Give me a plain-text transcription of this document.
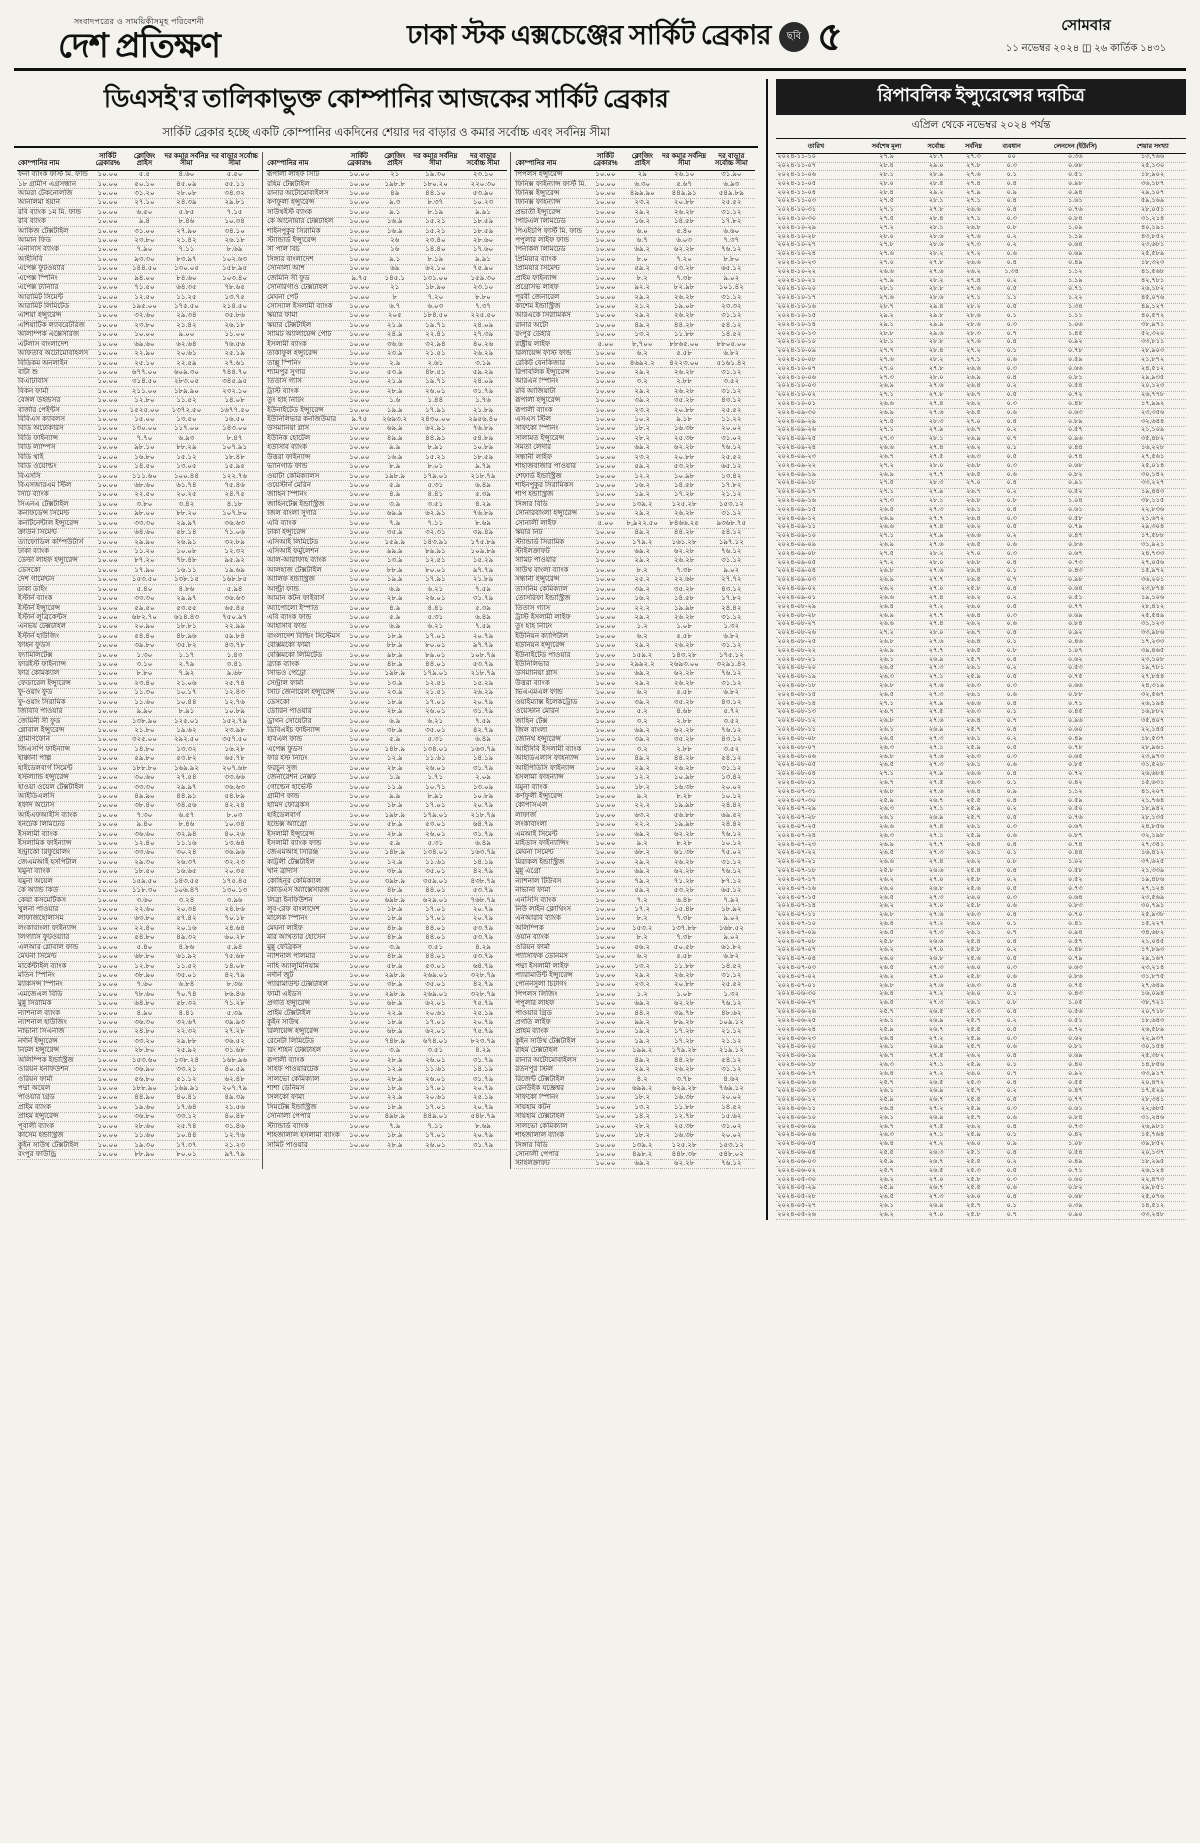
সংবাদপত্রের ও সাময়িকীসমূহ পরিবেশনী
দেশ প্রতিক্ষণ	ঢাকা স্টক এক্সচেঞ্জের সার্কিট ব্রেকার	ছবি ৫	সোমবার
১১ নভেম্বর ২০২৪ ◫ ২৬ কার্তিক ১৪৩১
ডিএসই'র তালিকাভুক্ত কোম্পানির আজকের সার্কিট ব্রেকার
সার্কিট ব্রেকার হচ্ছে একটি কোম্পানির একদিনের শেয়ার দর বাড়ার ও কমার সর্বোচ্চ এবং সর্বনিম্ন সীমা
কোম্পানির নাম	সার্কিট ব্রেকার%	ক্লোজিং প্রাইস	দর কমার সর্বনিম্ন সীমা	দর বাড়ার সর্বোচ্চ সীমা
ফনা ব্যাংক ফার্স্ট মি. ফান্ড	১০.০০	৫.৫	৪.৬০	৫.৫০
১৮ গ্রামীণ এগ্রসন্ধান	১০.০০	৫০.১০	৪৫.০৯	৫৫.১১
আমরা টেকনোলজি	১০.০০	৩১.২০	২৮.০৮	৩৪.৩২
আনলিমা ইয়ার্ন	১০.০০	২৭.১০	২৪.৩৯	২৯.৮১
রবি ব্যাংক ১ম মি. ফান্ড	১০.০০	৬.৫০	৫.৮৫	৭.১৫
রবি ব্যাংক	১০.০০	৯.৪	৮.৪৬	১০.৩৪
আকিজ টেক্সটাইল	১০.০০	৩১.০০	২৭.৯০	৩৪.১০
আমান ফিড	১০.০০	২৩.৮০	২১.৪২	২৬.১৮
এনসিসি ব্যাংক	১০.০০	৭.৯০	৭.১১	৮.৬৯
আইসিবি	১০.০০	৯৩.৩০	৮৩.৯৭	১০২.৬৩
এপেক্স ফুটওয়্যার	১০.০০	১৪৪.৫০	১৩০.০৫	১৫৮.৯৫
এপেক্স স্পিনিং	১০.০০	৯৪.০০	৮৪.৬০	১০৩.৪০
এপেক্স ট্যানারি	১০.০০	৭১.৫০	৬৪.৩৫	৭৮.৬৫
আরামিট সিমেন্ট	১০.০০	১২.৫০	১১.২৫	১৩.৭৫
আরামিট লিমিটেড	১০.০০	১৯৫.০০	১৭৫.৫০	২১৪.৫০
এশিয়া ইন্স্যুরেন্স	১০.০০	৩২.৬০	২৯.৩৪	৩৫.৮৬
এশিয়াটিক ল্যাবরেটরিজ	১০.০০	২৩.৮০	২১.৪২	২৬.১৮
অলিম্পিক এক্সেসরিজ	১০.০০	১০.০০	৯.০০	১১.০০
এটলাস বাংলাদেশ	১০.০০	৬৯.৬০	৬২.৬৪	৭৬.৫৬
আফতাব অটোমোবাইলস	১০.০০	২২.৯০	২০.৬১	২৫.১৯
বিডিকম অনলাইন	১০.০০	২৫.১০	২২.৫৯	২৭.৬১
বাটা শু	১০.০০	৬৭৭.০০	৬০৯.৩০	৭৪৪.৭০
বিএটিবিসি	১০.০০	৩১৪.৫০	২৮৩.০৫	৩৪৫.৯৫
বিকন ফার্মা	১০.০০	২১১.০০	১৮৯.৯০	২৩২.১০
বেঙ্গল উইন্ডসর	১০.০০	১২.৮০	১১.৫২	১৪.০৮
বার্জার পেইন্টস	১০.০০	১৫২৫.০০	১৩৭২.৫০	১৬৭৭.৫০
বিবিএস ক্যাবলস	১০.০০	১৫.০০	১৩.৫০	১৬.৫০
বিডি অটোকারস	১০.০০	১৩০.০০	১১৭.০০	১৪৩.০০
বিডি ফাইন্যান্স	১০.০০	৭.৭০	৬.৯৩	৮.৪৭
বিডি ল্যাম্পস	১০.০০	৯৮.১০	৮৮.২৯	১০৭.৯১
বিডি থাই	১০.০০	১৬.৮০	১৫.১২	১৮.৪৮
বিডি ওয়েল্ডিং	১০.০০	১৪.৫০	১৩.০৫	১৫.৯৫
বিএসসি	১০.০০	১১১.৬০	১০০.৪৪	১২২.৭৬
বিএসআরএম স্টিল	১০.০০	৬৮.৬০	৬১.৭৪	৭৫.৪৬
সিটি ব্যাংক	১০.০০	২২.৫০	২০.২৫	২৪.৭৫
সিএনএ টেক্সটাইল	১০.০০	৩.৮০	৩.৪২	৪.১৮
কনফিডেন্স সিমেন্ট	১০.০০	৯৮.০০	৮৮.২০	১০৭.৮০
কনটিনেন্টাল ইন্স্যুরেন্স	১০.০০	৩৩.৩০	২৯.৯৭	৩৬.৬৩
ক্রাউন সিমেন্ট	১০.০০	৬৪.৬০	৫৮.১৪	৭১.০৬
ড্যাফোডিল কম্পিউটার্স	১০.০০	২৯.৯০	২৬.৯১	৩২.৮৯
ঢাকা ব্যাংক	১০.০০	১১.২০	১০.০৮	১২.৩২
ডেল্টা লাইফ ইন্স্যুরেন্স	১০.০০	৮৭.২০	৭৮.৪৮	৯৫.৯২
ডেসকো	১০.০০	১৭.৯০	১৬.১১	১৯.৬৯
দেশ গার্মেন্টস	১০.০০	১৫৩.৫০	১৩৮.১৫	১৬৮.৮৫
ঢাকা ডাইং	১০.০০	৫.৪০	৪.৮৬	৫.৯৪
ইস্টার্ন ব্যাংক	১০.০০	৩৩.৩০	২৯.৯৭	৩৬.৬৩
ইস্টার্ন ইন্স্যুরেন্স	১০.০০	৫৯.৫০	৫৩.৫৫	৬৫.৪৫
ইস্টার্ন লুব্রিকেন্টস	১০.০০	৬৮২.৭০	৬১৪.৪৩	৭৫০.৯৭
এনভয় টেক্সটাইল	১০.০০	২০.৯০	১৮.৮১	২২.৯৯
ইস্টার্ন হাউজিং	১০.০০	৫৪.৪০	৪৮.৯৬	৫৯.৮৪
ফাইন ফুডস	১০.০০	৩৯.৮০	৩৫.৮২	৪৩.৭৮
ফ্যামিলিটেক্স	১০.০০	১.৩০	১.১৭	১.৪৩
ফারইস্ট ফাইন্যান্স	১০.০০	৩.১০	২.৭৯	৩.৪১
ফার কেমিক্যাল	১০.০০	৮.৮০	৭.৯২	৯.৬৮
ফেডারেল ইন্স্যুরেন্স	১০.০০	২৩.৪০	২১.০৬	২৫.৭৪
ফু-ওয়াং ফুড	১০.০০	১১.৩০	১০.১৭	১২.৪৩
ফু-ওয়াং সিরামিক	১০.০০	১১.৬০	১০.৪৪	১২.৭৬
জিবিবি পাওয়ার	১০.০০	৯.৯০	৮.৯১	১০.৮৯
জেমিনী সী ফুড	১০.০০	১৩৮.৯০	১২৫.০১	১৫২.৭৯
গ্লোবাল ইন্স্যুরেন্স	১০.০০	২১.৮০	১৯.৬২	২৩.৯৮
গ্রামীণফোন	১০.০০	৩২৫.০০	২৯২.৫০	৩৫৭.৫০
জিএসপি ফাইন্যান্স	১০.০০	১৪.৮০	১৩.৩২	১৬.২৮
হাক্কানী পাল্প	১০.০০	৫৯.৮০	৫৩.৮২	৬৫.৭৮
হাইডেলবার্গ সিমেন্ট	১০.০০	১৮৮.৮০	১৬৯.৯২	২০৭.৬৮
ইস্টল্যান্ড ইন্স্যুরেন্স	১০.০০	৩০.৬০	২৭.৫৪	৩৩.৬৬
হাওয়া ওয়েল টেক্সটাইল	১০.০০	৩৩.৩০	২৯.৯৭	৩৬.৬৩
আইডিএলসি	১০.০০	৪৯.৯০	৪৪.৯১	৫৪.৮৯
ইফাদ অটোস	১০.০০	৩৮.৪০	৩৪.৫৬	৪২.২৪
আইএফআইসি ব্যাংক	১০.০০	৭.৩০	৬.৫৭	৮.০৩
ইনটেক লিমিটেড	১০.০০	৯.৪০	৮.৪৬	১০.৩৪
ইসলামী ব্যাংক	১০.০০	৩৬.৬০	৩২.৯৪	৪০.২৬
ইসলামিক ফাইন্যান্স	১০.০০	১২.৪০	১১.১৬	১৩.৬৪
ইন্ট্রাকো রিফুয়েলিং	১০.০০	৩৩.৬০	৩০.২৪	৩৬.৯৬
জেএমআই হসপিটাল	১০.০০	২৯.৩০	২৬.৩৭	৩২.২৩
যমুনা ব্যাংক	১০.০০	১৮.৫০	১৬.৬৫	২০.৩৫
যমুনা অয়েল	১০.০০	১৫৯.৫০	১৪৩.৫৫	১৭৫.৪৫
কে অ্যান্ড কিউ	১০.০০	১১৮.৩০	১০৬.৪৭	১৩০.১৩
কেয়া কসমেটিকস	১০.০০	৩.৬০	৩.২৪	৩.৯৬
খুলনা পাওয়ার	১০.০০	২২.৬০	২০.৩৪	২৪.৮৬
লাফার্জহোলসিম	১০.০০	৬৩.৮০	৫৭.৪২	৭০.১৮
লংকাবাংলা ফাইন্যান্স	১০.০০	২২.৪০	২০.১৬	২৪.৬৪
লিগ্যাসি ফুটওয়্যার	১০.০০	৫৪.৮০	৪৯.৩২	৬০.২৮
এলআর গ্লোবাল ফান্ড	১০.০০	৫.৪০	৪.৮৬	৫.৯৪
মেঘনা সিমেন্ট	১০.০০	৬৮.৮০	৬১.৯২	৭৫.৬৮
মার্কেন্টাইল ব্যাংক	১০.০০	১২.৮০	১১.৫২	১৪.০৮
মতিন স্পিনিং	১০.০০	৩৮.৯০	৩৫.০১	৪২.৭৯
ম্যাকসন্স স্পিনিং	১০.০০	৭.৬০	৬.৮৪	৮.৩৬
এমজেএল বিডি	১০.০০	৭৮.৬০	৭০.৭৪	৮৬.৪৬
মুন্নু সিরামিক	১০.০০	৬৪.৮০	৫৮.৩২	৭১.২৮
ন্যাশনাল ব্যাংক	১০.০০	৪.৯০	৪.৪১	৫.৩৯
ন্যাশনাল হাউজিং	১০.০০	৩৬.৩০	৩২.৬৭	৩৯.৯৩
নাভানা সিএনজি	১০.০০	২৪.৮০	২২.৩২	২৭.২৮
নর্দার্ন ইন্স্যুরেন্স	১০.০০	৩৩.২০	২৯.৮৮	৩৬.৫২
নিটল ইন্স্যুরেন্স	১০.০০	২৮.৮০	২৫.৯২	৩১.৬৮
অলিম্পিক ইন্ডাস্ট্রিজ	১০.০০	১৫৩.৬০	১৩৮.২৪	১৬৮.৯৬
ওরিয়ন ইনফিউশন	১০.০০	৩৬.৯০	৩৩.২১	৪০.৫৯
ওরিয়ন ফার্মা	১০.০০	৫৬.৮০	৫১.১২	৬২.৪৮
পদ্মা অয়েল	১০.০০	১৮৮.৯০	১৬৯.৯১	২০৭.৭৯
পাওয়ার গ্রিড	১০.০০	৪৪.৯০	৪০.৪১	৪৯.৩৯
প্রাইম ব্যাংক	১০.০০	১৯.৬০	১৭.৬৪	২১.৫৬
প্রাইম ইন্স্যুরেন্স	১০.০০	৩৬.৮০	৩৩.১২	৪০.৪৮
পূবালী ব্যাংক	১০.০০	২৮.৬০	২৫.৭৪	৩১.৪৬
কাসেম ইন্ডাস্ট্রিজ	১০.০০	১১.৬০	১০.৪৪	১২.৭৬
কুইন সাউথ টেক্সটাইল	১০.০০	১৯.৩০	১৭.৩৭	২১.২৩
রংপুর ফাউন্ড্রি	১০.০০	৮৮.৯০	৮০.০১	৯৭.৭৯
কোম্পানির নাম	সার্কিট ব্রেকার%	ক্লোজিং প্রাইস	দর কমার সর্বনিম্ন সীমা	দর বাড়ার সর্বোচ্চ সীমা
রূপালী লাইফ সিটি	১০.০০	২১	১৯.৩০	২৩.১০
রহিম টেক্সটাইল	১০.০০	১৯৮.৮	১৮০.২০	২২০.৩০
রানার অটোমোবাইলস	১০.০০	৪৯	৪৪.১০	৫৩.৯০
কর্ণফুলী ইন্স্যুরেন্স	১০.০০	৯.৩	৮.৩৭	১০.২৩
সাউথইস্ট ব্যাংক	১০.০০	৯.১	৮.১৯	৯.৯১
কে আনোয়ার টেক্সটাইল	১০.০০	১৬.৯	১৫.২১	১৮.৫৯
শাইনপুকুর সিরামিক	১০.০০	১৬.৯	১৫.২১	১৮.৫৯
স্ট্যান্ডার্ড ইন্স্যুরেন্স	১০.০০	২৬	২৩.৪০	২৮.৬০
সী পার্ল বিচ	১০.০০	১৬	১৪.৪০	১৭.৬০
সিঙ্গার বাংলাদেশ	১০.০০	৯.১	৮.১৯	৯.৯১
সোনালী আঁশ	১০.০০	৬৯	৬২.১০	৭৫.৯০
জেমিনি সী ফুড	৯.৭৫	১৪৫.১	১৩১.০০	১৫৯.৩০
সোনারগাঁও টেক্সটাইল	১০.০০	২১	১৮.৯০	২৩.১০
মেঘনা পেট	১০.০০	৮	৭.২০	৮.৮০
সোস্যাল ইসলামী ব্যাংক	১০.০০	৬.৭	৬.০৩	৭.৩৭
স্কয়ার ফার্মা	১০.০০	২০৫	১৮৪.৫০	২২৫.৫০
স্কয়ার টেক্সটাইল	১০.০০	২১.৯	১৯.৭১	২৪.০৯
সামিট অ্যালায়েন্স পোর্ট	১০.০০	২৪.৯	২২.৪১	২৭.৩৯
ইসলামী ব্যাংক	১০.০০	৩৬.৬	৩২.৯৪	৪০.২৬
তাকাফুল ইন্স্যুরেন্স	১০.০০	২৩.৯	২১.৫১	২৬.২৯
তাল্লু স্পিনিং	১০.০০	২.৯	২.৬১	৩.১৯
শ্যামপুর সুগার	১০.০০	৫৩.৯	৪৮.৫১	৫৯.২৯
তিতাস গ্যাস	১০.০০	২১.৯	১৯.৭১	২৪.০৯
ট্রাস্ট ব্যাংক	১০.০০	২৮.৯	২৬.০১	৩১.৭৯
তুং হাই নিটিং	১০.০০	১.৬	১.৪৪	১.৭৬
ইউনাইটেড ইন্স্যুরেন্স	১০.০০	১৯.৯	১৭.৯১	২১.৮৯
ইউনিলিভার কনজিউমার	৯.৭৫	২৬৯৩.২	২৪৩০.০০	২৯৫৬.৪০
উসমানিয়া গ্লাস	১০.০০	৬৯.৯	৬২.৯১	৭৬.৮৯
ইউনিক হোটেল	১০.০০	৪৯.৯	৪৪.৯১	৫৪.৮৯
ইউসিবি ব্যাংক	১০.০০	৯.৯	৮.৯১	১০.৮৯
উত্তরা ফাইন্যান্স	১০.০০	১৬.৯	১৫.২১	১৮.৫৯
ভ্যানগার্ড ফান্ড	১০.০০	৮.৯	৮.০১	৯.৭৯
ওয়াটা কেমিক্যালস	১০.০০	১৯৮.৯	১৭৯.০১	২১৮.৭৯
ওয়েস্টার্ন মেরিন	১০.০০	৫.৯	৫.৩১	৬.৪৯
জাহিন স্পিনিং	১০.০০	৪.৯	৪.৪১	৫.৩৯
জাহিনটেক্স ইন্ডাস্ট্রিজ	১০.০০	৩.৯	৩.৫১	৪.২৯
জিল বাংলা সুগার	১০.০০	৬৯.৯	৬২.৯১	৭৬.৮৯
এবি ব্যাংক	১০.০০	৭.৯	৭.১১	৮.৬৯
ঢাকা ইন্স্যুরেন্স	১০.০০	৩৫.৯	৩২.৩১	৩৯.৪৯
এসিআই লিমিটেড	১০.০০	১৫৯.৯	১৪৩.৯১	১৭৫.৮৯
এসিআই ফর্মুলেশন	১০.০০	৯৯.৯	৮৯.৯১	১০৯.৮৯
আল-আরাফাহ ব্যাংক	১০.০০	১৩.৯	১২.৫১	১৫.২৯
আলহাজ টেক্সটাইল	১০.০০	৮৮.৯	৮০.০১	৯৭.৭৯
আলিফ ইন্ডাস্ট্রিজ	১০.০০	১৯.৯	১৭.৯১	২১.৮৯
আল্ট্রা ফান্ড	১০.০০	৬.৯	৬.২১	৭.৫৯
আমান কটন ফাইবার্স	১০.০০	২৮.৯	২৬.০১	৩১.৭৯
অ্যাপোলো ইস্পাত	১০.০০	৪.৯	৪.৪১	৫.৩৯
এবি ব্যাংক ফান্ড	১০.০০	৫.৯	৫.৩১	৬.৪৯
আইসিবি ফান্ড	১০.০০	৬.৯	৬.২১	৭.৫৯
বাংলাদেশ বিল্ডিং সিস্টেমস	১০.০০	১৮.৯	১৭.০১	২০.৭৯
বেক্সিমকো ফার্মা	১০.০০	৮৮.৯	৮০.০১	৯৭.৭৯
বেক্সিমকো লিমিটেড	১০.০০	৯৮.৯	৮৯.০১	১০৮.৭৯
ব্র্যাক ব্যাংক	১০.০০	৪৮.৯	৪৪.০১	৫৩.৭৯
সিভিও পেট্রো	১০.০০	১৯৮.৯	১৭৯.০১	২১৮.৭৯
সেন্ট্রাল ফার্মা	১০.০০	১৩.৯	১২.৫১	১৫.২৯
সিটি জেনারেল ইন্স্যুরেন্স	১০.০০	২৩.৯	২১.৫১	২৬.২৯
ডেসকো	১০.০০	১৮.৯	১৭.০১	২০.৭৯
ডোরিন পাওয়ার	১০.০০	২৮.৯	২৬.০১	৩১.৭৯
ড্রাগন সোয়েটার	১০.০০	৬.৯	৬.২১	৭.৫৯
ডিবিএইচ ফাইন্যান্স	১০.০০	৩৮.৯	৩৫.০১	৪২.৭৯
ইবিএল ফান্ড	১০.০০	৫.৯	৫.৩১	৬.৪৯
এপেক্স ফুডস	১০.০০	১৪৮.৯	১৩৪.০১	১৬৩.৭৯
ফার ইস্ট নিটিং	১০.০০	১২.৯	১১.৬১	১৪.১৯
ফরচুন সুজ	১০.০০	২৮.৯	২৬.০১	৩১.৭৯
জেনারেশন নেক্সট	১০.০০	১.৯	১.৭১	২.০৯
গোল্ডেন হার্ভেস্ট	১০.০০	১১.৯	১০.৭১	১৩.০৯
গ্রামীণ ফান্ড	১০.০০	৯.৯	৮.৯১	১০.৮৯
হামিদ ফেব্রিকস	১০.০০	১৮.৯	১৭.০১	২০.৭৯
হাইডেলবার্গ	১০.০০	১৯৮.৯	১৭৯.০১	২১৮.৭৯
ইন্ডেক্স অ্যাগ্রো	১০.০০	৫৮.৯	৫৩.০১	৬৪.৭৯
ইসলামী ইন্স্যুরেন্স	১০.০০	২৮.৯	২৬.০১	৩১.৭৯
ইসলামী ব্যাংক ফান্ড	১০.০০	৫.৯	৫.৩১	৬.৪৯
জেএমআই সিরিঞ্জ	১০.০০	১৪৮.৯	১৩৪.০১	১৬৩.৭৯
কাট্টলী টেক্সটাইল	১০.০০	১২.৯	১১.৬১	১৪.১৯
খান ব্রাদার্স	১০.০০	৩৮.৯	৩৫.০১	৪২.৭৯
কোহিনূর কেমিক্যাল	১০.০০	৩৯৮.৯	৩৫৯.০১	৪৩৮.৭৯
কেডিএস অ্যাক্সেসরিজ	১০.০০	৪৮.৯	৪৪.০১	৫৩.৭৯
লিব্রা ইনফিউশন	১০.০০	৬৯৮.৯	৬২৯.০১	৭৬৮.৭৯
লুব-রেফ বাংলাদেশ	১০.০০	১৮.৯	১৭.০১	২০.৭৯
মালেক স্পিনিং	১০.০০	১৮.৯	১৭.০১	২০.৭৯
মেঘনা লাইফ	১০.০০	৪৮.৯	৪৪.০১	৫৩.৭৯
মীর আখতার হোসেন	১০.০০	৪৮.৯	৪৪.০১	৫৩.৭৯
মুন্নু ফেব্রিকস	১০.০০	৩.৯	৩.৫১	৪.২৯
ন্যাশনাল পলিমার	১০.০০	৪৮.৯	৪৪.০১	৫৩.৭৯
নাহি অ্যালুমিনিয়াম	১০.০০	৫৮.৯	৫৩.০১	৬৪.৭৯
নর্দার্ন জুট	১০.০০	২৯৮.৯	২৬৯.০১	৩২৮.৭৯
প্যারামাউন্ট টেক্সটাইল	১০.০০	৩৮.৯	৩৫.০১	৪২.৭৯
ফার্মা এইডস	১০.০০	২৯৮.৯	২৬৯.০১	৩২৮.৭৯
প্রগতি ইন্স্যুরেন্স	১০.০০	৬৮.৯	৬২.০১	৭৫.৭৯
প্রাইম টেক্সটাইল	১০.০০	২২.৯	২০.৬১	২৫.১৯
কুইন সাউথ	১০.০০	১৮.৯	১৭.০১	২০.৭৯
রিলায়েন্স ইন্স্যুরেন্স	১০.০০	৬৮.৯	৬২.০১	৭৫.৭৯
রেনেটা লিমিটেড	১০.০০	৭৪৮.৯	৬৭৪.০১	৮২৩.৭৯
রিং শাইন টেক্সটাইল	১০.০০	৩.৯	৩.৫১	৪.২৯
রূপালী ব্যাংক	১০.০০	২৮.৯	২৬.০১	৩১.৭৯
সাইফ পাওয়ারটেক	১০.০০	১২.৯	১১.৬১	১৪.১৯
সালভো কেমিক্যাল	১০.০০	২৮.৯	২৬.০১	৩১.৭৯
শাশা ডেনিমস	১০.০০	১৮.৯	১৭.০১	২০.৭৯
সিলকো ফার্মা	১০.০০	২২.৯	২০.৬১	২৫.১৯
সিমটেক্স ইন্ডাস্ট্রিজ	১০.০০	১৮.৯	১৭.০১	২০.৭৯
সোনালী পেপার	১০.০০	৪৯৮.৯	৪৪৯.০১	৫৪৮.৭৯
স্ট্যান্ডার্ড ব্যাংক	১০.০০	৭.৯	৭.১১	৮.৬৯
শাহজালাল ইসলামী ব্যাংক	১০.০০	১৮.৯	১৭.০১	২০.৭৯
সামিট পাওয়ার	১০.০০	২৮.৯	২৬.০১	৩১.৭৯
কোম্পানির নাম	সার্কিট ব্রেকার%	ক্লোজিং প্রাইস	দর কমার সর্বনিম্ন সীমা	দর বাড়ার সর্বোচ্চ সীমা
পিপলস ইন্স্যুরেন্স	১০.০০	২৯	২৬.১০	৩১.৯০
ফিনিক্স ফাইন্যান্স ফার্স্ট মি.	১০.০০	৬.৩০	৫.৬৭	৬.৯৩
ফিনিক্স ইন্স্যুরেন্স	১০.০০	৪৯৯.৯০	৪৪৯.৯১	৫৪৯.৮৯
ফিনিক্স ফাইন্যান্স	১০.০০	২৩.২	২০.৮৮	২৫.৫২
প্রভাতী ইন্স্যুরেন্স	১০.০০	২৯.২	২৬.২৮	৩১.১২
পিটিএল লিমিটেড	১০.০০	১৬.২	১৪.৫৮	১৭.৮২
পিএইচপি ফার্স্ট মি. ফান্ড	১০.০০	৬.০	৫.৪০	৬.৬০
পপুলার লাইফ ফান্ড	১০.০০	৬.৭	৬.০৩	৭.৩৭
পিনাকল লিমিটেড	১০.০০	৬৯.২	৬২.২৮	৭৬.১২
প্রিমিয়ার ব্যাংক	১০.০০	৮.০	৭.২০	৮.৮০
প্রিমিয়ার সিমেন্ট	১০.০০	৫৯.২	৫৩.২৮	৬৫.১২
প্রাইম ফাইন্যান্স	১০.০০	৮.২	৭.৩৮	৯.০২
প্রগ্রেসিভ লাইফ	১০.০০	৯২.২	৮২.৯৮	১০১.৪২
পূরবী জেনারেল	১০.০০	২৯.২	২৬.২৮	৩১.১২
কাশেম ইন্ডাস্ট্রিজ	১০.০০	২১.২	১৯.০৮	২৩.৩২
আরএকে সিরামিকস	১০.০০	২৯.২	২৬.২৮	৩১.১২
রানার অটো	১০.০০	৪৯.২	৪৪.২৮	৫৪.১২
রংপুর ডেইরি	১০.০০	১৩.২	১১.৮৮	১৪.৫২
রাষ্ট্রীয় লাইফ	৫.০০	৮,৭০০	৮৮৬৫.০০	৮৮০৫.০০
রিলায়েন্স ফার্স্ট ফান্ড	১০.০০	৬.২	৫.৫৮	৬.৮২
রেকিট বেনকিজার	১০.০০	৪৬৯২.২	৪২২৩.০০	৫১৬১.৪২
রিপাবলিক ইন্স্যুরেন্স	১০.০০	২৯.২	২৬.২৮	৩১.১২
আরএন স্পিনিং	১০.০০	৩.২	২.৮৮	৩.৫২
রবি আজিয়াটা	১০.০০	২৯.২	২৬.২৮	৩১.১২
রূপালী ইন্স্যুরেন্স	১০.০০	৩৯.২	৩৫.২৮	৪৩.১২
রূপালী ব্যাংক	১০.০০	২৩.২	২০.৮৮	২৫.৫২
এসএস স্টিল	১০.০০	১০.২	৯.১৮	১১.২২
সাফকো স্পিনিং	১০.০০	১৮.২	১৬.৩৮	২০.০২
সালামত ইন্স্যুরেন্স	১০.০০	২৮.২	২৫.৩৮	৩১.০২
সমতা লেদার	১০.০০	৬৯.২	৬২.২৮	৭৬.১২
সন্ধানী লাইফ	১০.০০	২৩.২	২০.৮৮	২৫.৫২
শাহজিবাজার পাওয়ার	১০.০০	৫৯.২	৫৩.২৮	৬৫.১২
শেফার্ড ইন্ডাস্ট্রিজ	১০.০০	১২.২	১০.৯৮	১৩.৪২
শাইনপুকুর সিরামিকস	১০.০০	১৬.২	১৪.৫৮	১৭.৮২
শার্প ইন্ডাস্ট্রিজ	১০.০০	১৯.২	১৭.২৮	২১.১২
সিঙ্গার বিডি	১০.০০	১৩৯.২	১২৫.২৮	১৫৩.১২
সোনারবাংলা ইন্স্যুরেন্স	১০.০০	২৯.২	২৬.২৮	৩১.১২
সোনালী লাইফ	৫.০০	৮,৯২২.৫০	৮৪৬৬.২৫	৯৩৬৮.৭৫
স্কয়ার নিট	১০.০০	৪৯.২	৪৪.২৮	৫৪.১২
স্ট্যান্ডার্ড সিরামিক	১০.০০	১৭৯.২	১৬১.২৮	১৯৭.১২
স্টাইলক্রাফট	১০.০০	৬৯.২	৬২.২৮	৭৬.১২
সামিট পাওয়ার	১০.০০	২৯.২	২৬.২৮	৩১.১২
সাউথ বাংলা ব্যাংক	১০.০০	৮.২	৭.৩৮	৯.০২
সন্ধানী ইন্স্যুরেন্স	১০.০০	২৫.২	২২.৬৮	২৭.৭২
তাসনিম কেমিক্যাল	১০.০০	৩৯.২	৩৫.২৮	৪৩.১২
তোসরিফা ইন্ডাস্ট্রিজ	১০.০০	১৬.২	১৪.৫৮	১৭.৮২
তিতাস গ্যাস	১০.০০	২২.২	১৯.৯৮	২৪.৪২
ট্রাস্ট ইসলামী লাইফ	১০.০০	২৯.২	২৬.২৮	৩১.১২
তুং হাই নিটিং	১০.০০	১.২	১.০৮	১.৩২
ইউনিয়ন ক্যাপিটাল	১০.০০	৬.২	৫.৫৮	৬.৮২
ইউনিয়ন ইন্স্যুরেন্স	১০.০০	২৯.২	২৬.২৮	৩১.১২
ইউনাইটেড পাওয়ার	১০.০০	১৫৯.২	১৪৩.২৮	১৭৫.১২
ইউনিলিভার	১০.০০	২৯৯২.২	২৬৯৩.০০	৩২৯১.৪২
উসমানিয়া গ্লাস	১০.০০	৬৯.২	৬২.২৮	৭৬.১২
উত্তরা ব্যাংক	১০.০০	২৯.২	২৬.২৮	৩১.১২
ভিএএমএল ফান্ড	১০.০০	৬.২	৫.৫৮	৬.৮২
ওয়াইম্যাক্স ইলেকট্রোড	১০.০০	৩৯.২	৩৫.২৮	৪৩.১২
ওয়েস্টার্ন মেরিন	১০.০০	৫.২	৪.৬৮	৫.৭২
জাহিন টেক্স	১০.০০	৩.২	২.৮৮	৩.৫২
জিল বাংলা	১০.০০	৬৯.২	৬২.২৮	৭৬.১২
জেনিথ ইন্স্যুরেন্স	১০.০০	৩৯.২	৩৫.২৮	৪৩.১২
আইসিবি ইসলামী ব্যাংক	১০.০০	৩.২	২.৮৮	৩.৫২
আইডিএলসি ফাইন্যান্স	১০.০০	৪৯.২	৪৪.২৮	৫৪.১২
আইপিডিসি ফাইন্যান্স	১০.০০	২৯.২	২৬.২৮	৩১.১২
ইসলামী ফাইন্যান্স	১০.০০	১২.২	১০.৯৮	১৩.৪২
যমুনা ব্যাংক	১০.০০	১৮.২	১৬.৩৮	২০.০২
কর্ণফুলী ইন্স্যুরেন্স	১০.০০	৯.২	৮.২৮	১০.১২
কেপিসিএল	১০.০০	২২.২	১৯.৯৮	২৪.৪২
লাফার্জ	১০.০০	৬৩.২	৫৬.৮৮	৬৯.৫২
লংকাবাংলা	১০.০০	২২.২	১৯.৯৮	২৪.৪২
এমআই সিমেন্ট	১০.০০	৬৯.২	৬২.২৮	৭৬.১২
মাইডাস ফাইন্যান্সিং	১০.০০	৯.২	৮.২৮	১০.১২
মেঘনা সিমেন্ট	১০.০০	৬৮.২	৬১.৩৮	৭৫.০২
মিরাকল ইন্ডাস্ট্রিজ	১০.০০	২৯.২	২৬.২৮	৩১.১২
মুন্নু এগ্রো	১০.০০	৬৯.২	৬২.২৮	৭৬.১২
ন্যাশনাল টিউবস	১০.০০	৭৯.২	৭১.২৮	৮৭.১২
নাভানা ফার্মা	১০.০০	৫৯.২	৫৩.২৮	৬৫.১২
এনসিসি ব্যাংক	১০.০০	৭.২	৬.৪৮	৭.৯২
নিউ লাইন ক্লোথিংস	১০.০০	১৭.২	১৫.৪৮	১৮.৯২
এনআরবি ব্যাংক	১০.০০	৮.২	৭.৩৮	৯.০২
অলিম্পিক	১০.০০	১৫৩.২	১৩৭.৮৮	১৬৮.৫২
ওয়ান ব্যাংক	১০.০০	৮.২	৭.৩৮	৯.০২
ওরিয়ন ফার্মা	১০.০০	৫৬.২	৫০.৫৮	৬১.৮২
প্যাসিফিক ডেনিমস	১০.০০	৬.২	৫.৫৮	৬.৮২
পদ্মা ইসলামী লাইফ	১০.০০	১৩.২	১১.৮৮	১৪.৫২
প্যারামাউন্ট ইন্স্যুরেন্স	১০.০০	২৯.২	২৬.২৮	৩১.১২
পেনিনসুলা চিটাগং	১০.০০	২৩.২	২০.৮৮	২৫.৫২
পিপলস লিজিং	১০.০০	১.২	১.০৮	১.৩২
পপুলার লাইফ	১০.০০	৬৯.২	৬২.২৮	৭৬.১২
পাওয়ার গ্রিড	১০.০০	৪৪.২	৩৯.৭৮	৪৮.৬২
প্রগতি লাইফ	১০.০০	৯৯.২	৮৯.২৮	১০৯.১২
প্রাইম ব্যাংক	১০.০০	১৯.২	১৭.২৮	২১.১২
কুইন সাউথ টেক্সটাইল	১০.০০	১৯.২	১৭.২৮	২১.১২
রহিম টেক্সটাইল	১০.০০	১৯৯.২	১৭৯.২৮	২১৯.১২
রানার অটোমোবাইলস	১০.০০	৪৯.২	৪৪.২৮	৫৪.১২
রতনপুর স্টিল	১০.০০	২৯.২	২৬.২৮	৩১.১২
রিজেন্ট টেক্সটাইল	১০.০০	৪.২	৩.৭৮	৪.৬২
রেনউইক যজ্ঞেশ্বর	১০.০০	৬৯৯.২	৬২৯.২৮	৭৬৯.১২
সাফকো স্পিনিং	১০.০০	১৮.২	১৬.৩৮	২০.০২
সায়হাম কটন	১০.০০	১৩.২	১১.৮৮	১৪.৫২
সায়হাম টেক্সটাইল	১০.০০	১৪.২	১২.৭৮	১৫.৬২
সালভো কেমিক্যাল	১০.০০	২৮.২	২৫.৩৮	৩১.০২
শাহজালাল ব্যাংক	১০.০০	১৮.২	১৬.৩৮	২০.০২
সিঙ্গার বিডি	১০.০০	১৩৯.২	১২৫.২৮	১৫৩.১২
সোনালী পেপার	১০.০০	৪৯৮.২	৪৪৮.৩৮	৫৪৮.০২
স্টাইলক্রাফট	১০.০০	৬৯.২	৬২.২৮	৭৬.১২
রিপাবলিক ইন্স্যুরেন্সের দরচিত্র
এপ্রিল থেকে নভেম্বর ২০২৪ পর্যন্ত
তারিখ	সর্বশেষ মূল্য	সর্বোচ্চ	সর্বনিম্ন	ব্যবধান	লেনদেন (ইউ/সি)	শেয়ার সংখ্যা
২০২৪-১১-১০	২৭.৯	২৮.৭	২৭.৩	০০	০.৩৬	১৩,৭৬৬
২০২৪-১১-০৭	২৮.৪	২৯.০	২৭.৮	০.৩	০.৬৮	২৫,১৩০
২০২৪-১১-০৬	২৮.১	২৮.৯	২৭.৬	০.১	০.৫১	১৮,৯০২
২০২৪-১১-০৫	২৮.০	২৮.৫	২৭.৪	০.৪	০.৯৮	৩৬,১৮৭
২০২৪-১১-০৪	২৮.৪	২৯.২	২৭.৯	০.৯	০.৯৪	২৯,১০৭
২০২৪-১১-০৩	২৭.৫	২৮.১	২৭.১	০.৪	১.৬১	৫৯,১৬৯
২০২৪-১০-৩১	২৭.১	২৭.৮	২৬.৬	০.৪	০.৭৬	২৮,০৫১
২০২৪-১০-৩০	২৭.৫	২৮.৪	২৭.১	০.৩	০.৮৪	৩১,২১৪
২০২৪-১০-২৯	২৭.২	২৮.১	২৬.৮	০.৮	১.০৯	৪০,১৯১
২০২৪-১০-২৮	২৮.০	২৮.৬	২৭.৬	০.২	১.১৯	৪৩,৮৫২
২০২৪-১০-২৭	২৭.৮	২৮.৬	২৭.৩	০.২	০.৬৪	২৩,৬৮১
২০২৪-১০-২৪	২৭.৬	২৮.২	২৭.২	০.৬	০.৬৯	২৫,৫৮৯
২০২৪-১০-২৩	২৭.০	২৭.৮	২৬.৬	০.৪	০.৪৯	১৮,৩২৩
২০২৪-১০-২২	২৬.৬	২৭.৬	২৬.২	১.৩৪	১.১২	৪১,৫৬৮
২০২৪-১০-২১	২৭.৯	২৮.২	২৭.৪	০.২	১.১৯	৪২,৭৮১
২০২৪-১০-২০	২৮.১	২৮.৮	২৭.৬	০.৫	০.৭১	২৬,১৮২
২০২৪-১০-১৭	২৭.৬	২৮.৬	২৭.১	১.১	১.২২	৪৫,০৭৬
২০২৪-১০-১৬	২৮.৭	২৯.৪	২৮.২	০.৫	১.৩৪	৪৯,১২৭
২০২৪-১০-১৫	২৯.২	২৯.৮	২৮.৬	০.১	১.১১	৪০,৫৭২
২০২৪-১০-১৪	২৯.১	২৯.৯	২৮.৬	০.৩	১.০৬	৩৮,৯৭১
২০২৪-১০-১৩	২৮.৮	২৯.৬	২৮.৩	০.৭	১.৪৫	৫২,৩২০
২০২৪-১০-১০	২৮.১	২৮.৮	২৭.৬	০.৪	০.৯২	৩৩,৮১১
২০২৪-১০-০৯	২৭.৭	২৮.৪	২৭.২	০.১	০.৭৮	২৮,৯০৩
২০২৪-১০-০৮	২৭.৬	২৮.২	২৭.১	০.৬	০.৫৯	২১,৮৭২
২০২৪-১০-০৭	২৭.০	২৭.৮	২৬.৬	০.৩	০.৬৬	২৪,৫১২
২০২৪-১০-০৬	২৭.৩	২৮.০	২৬.৯	০.৪	০.৮১	২৯,৯৩৫
২০২৪-১০-০৩	২৬.৯	২৭.৬	২৬.৪	০.২	০.৫৪	২০,১২৩
২০২৪-১০-০২	২৭.১	২৭.৮	২৬.৭	০.৫	০.৭২	২৬,৭৭৮
২০২৪-১০-০১	২৬.৬	২৭.৪	২৬.২	০.৩	০.৪৮	১৭,৯৯২
২০২৪-০৯-৩০	২৬.৯	২৭.৬	২৬.৫	০.৬	০.৬৩	২৩,৩৫৬
২০২৪-০৯-২৯	২৭.৫	২৮.৩	২৭.০	০.৪	০.৮৯	৩২,৬৪৪
২০২৪-০৯-২৬	২৭.১	২৭.৯	২৬.৭	০.২	০.৫৭	২১,১০৯
২০২৪-০৯-২৫	২৭.৩	২৮.১	২৬.৯	০.৭	০.৯৬	৩৫,৪৮২
২০২৪-০৯-২৪	২৬.৬	২৭.৪	২৬.২	০.১	০.৪৪	১৬,২২৮
২০২৪-০৯-২৩	২৬.৭	২৭.৫	২৬.৩	০.৫	০.৭৪	২৭,৫৬১
২০২৪-০৯-২২	২৭.২	২৮.০	২৬.৮	০.৩	০.৬৮	২৫,০১৪
২০২৪-০৯-১৯	২৬.৯	২৭.৭	২৬.৫	০.৬	০.৮২	৩০,১৪২
২০২৪-০৯-১৮	২৭.৫	২৮.৩	২৭.০	০.৪	০.৯১	৩৩,২২৭
২০২৪-০৯-১৭	২৭.১	২৭.৯	২৬.৭	০.২	০.৫২	১৯,৪৪৩
২০২৪-০৯-১৬	২৭.৩	২৮.১	২৬.৮	০.৮	১.০৪	৩৮,১১৫
২০২৪-০৯-১৫	২৬.৫	২৭.৩	২৬.১	০.৪	০.৬১	২২,৮৩৬
২০২৪-০৯-১২	২৬.৯	২৭.৭	২৬.৪	০.৩	০.৫৮	২১,৬৭২
২০২৪-০৯-১১	২৬.৬	২৭.৪	২৬.২	০.৫	০.৭৯	২৯,৩০৪
২০২৪-০৯-১০	২৭.১	২৭.৯	২৬.৬	০.২	০.৪৭	১৭,৫৮৮
২০২৪-০৯-০৯	২৬.৯	২৭.৬	২৬.৫	০.৬	০.৮৬	৩১,৯২১
২০২৪-০৯-০৮	২৭.৫	২৮.২	২৭.০	০.৩	০.৬৭	২৪,৭৩৩
২০২৪-০৯-০৫	২৭.২	২৮.০	২৬.৮	০.৪	০.৭৩	২৭,০৫৬
২০২৪-০৯-০৪	২৬.৮	২৭.৬	২৬.৪	০.১	০.৪৩	১৫,৯৭২
২০২৪-০৯-০৩	২৬.৯	২৭.৭	২৬.৫	০.৭	০.৯৮	৩৬,২০১
২০২৪-০৯-০২	২৬.২	২৭.০	২৫.৮	০.৪	০.৬৪	২৩,৮৭৪
২০২৪-০৯-০১	২৬.৬	২৭.৪	২৬.২	০.২	০.৫১	১৯,১০৬
২০২৪-০৮-২৯	২৬.৪	২৭.২	২৬.০	০.৫	০.৭৭	২৮,৪১২
২০২৪-০৮-২৮	২৬.৯	২৭.৭	২৬.৪	০.৩	০.৬৯	২৫,৫৪৯
২০২৪-০৮-২৭	২৬.৬	২৭.৪	২৬.২	০.৬	০.৮৪	৩১,১২৩
২০২৪-০৮-২৬	২৭.২	২৮.০	২৬.৭	০.৪	০.৯২	৩৩,৯৮৬
২০২৪-০৮-২৫	২৬.৮	২৭.৬	২৬.৪	০.১	০.৪৬	১৭,২৩৩
২০২৪-০৮-২২	২৬.৯	২৭.৭	২৬.৫	০.৮	১.০৭	৩৯,৪৬৫
২০২৪-০৮-২১	২৬.১	২৬.৯	২৫.৭	০.৪	০.৬২	২৩,১০৮
২০২৪-০৮-২০	২৬.৫	২৭.৩	২৬.১	০.২	০.৫৩	১৯,৭৮১
২০২৪-০৮-১৯	২৬.৩	২৭.১	২৫.৯	০.৫	০.৭৫	২৭,৮৪৪
২০২৪-০৮-১৮	২৬.৮	২৭.৬	২৬.৩	০.৩	০.৬৬	২৪,৩১৯
২০২৪-০৮-১৫	২৬.৫	২৭.৩	২৬.১	০.৬	০.৮৮	৩২,৫৬৭
২০২৪-০৮-১৪	২৭.১	২৭.৯	২৬.৬	০.৪	০.৭১	২৬,১৯৪
২০২৪-০৮-১৩	২৬.৭	২৭.৫	২৬.৩	০.১	০.৪৫	১৬,৮৮২
২০২৪-০৮-১২	২৬.৮	২৭.৬	২৬.৪	০.৭	০.৯৬	৩৫,৪০৭
২০২৪-০৮-১১	২৬.১	২৬.৯	২৫.৭	০.৪	০.৬০	২২,১৪৫
২০২৪-০৮-০৮	২৬.৫	২৭.৩	২৬.১	০.২	০.৪৯	১৮,৫৩৭
২০২৪-০৮-০৭	২৬.৩	২৭.১	২৫.৯	০.৫	০.৭৮	২৮,৯৬১
২০২৪-০৮-০৬	২৬.৮	২৭.৬	২৬.৩	০.৩	০.৬৫	২৩,৯৭৩
২০২৪-০৮-০৫	২৬.৫	২৭.৩	২৬.১	০.৬	০.৮৫	৩১,৫২৮
২০২৪-০৮-০৪	২৭.১	২৭.৯	২৬.৬	০.৪	০.৭২	২৬,৬৮৪
২০২৪-০৮-০১	২৬.৭	২৭.৫	২৬.৩	০.১	০.৪২	১৫,৬৩১
২০২৪-০৭-৩১	২৬.৮	২৭.৬	২৬.৪	০.৯	১.১২	৪১,২০৭
২০২৪-০৭-৩০	২৫.৯	২৬.৭	২৫.৫	০.৪	০.৫৯	২১,৭৬৪
২০২৪-০৭-২৯	২৬.৩	২৭.১	২৫.৯	০.২	০.৫০	১৮,৯৪২
২০২৪-০৭-২৮	২৬.১	২৬.৯	২৫.৭	০.৫	০.৭৬	২৮,১৩৫
২০২৪-০৭-২৫	২৬.৬	২৭.৪	২৬.১	০.৩	০.৬৭	২৪,৮৫৬
২০২৪-০৭-২৪	২৬.৩	২৭.১	২৫.৯	০.৬	০.৮৭	৩২,১৯৮
২০২৪-০৭-২৩	২৬.৯	২৭.৭	২৬.৪	০.৪	০.৭৪	২৭,৩৪১
২০২৪-০৭-২২	২৬.৫	২৭.৩	২৬.১	০.১	০.৪৪	১৬,৪১২
২০২৪-০৭-২১	২৬.৬	২৭.৪	২৬.২	০.৮	১.০২	৩৭,৬২৫
২০২৪-০৭-১৮	২৫.৮	২৬.৬	২৫.৪	০.৪	০.৫৮	২১,৩৩৯
২০২৪-০৭-১৭	২৬.২	২৭.০	২৫.৮	০.২	০.৫২	১৯,৪৮৬
২০২৪-০৭-১৬	২৬.০	২৬.৮	২৫.৬	০.৫	০.৭৩	২৭,১২৪
২০২৪-০৭-১৫	২৬.৫	২৭.৩	২৬.০	০.৩	০.৬৪	২৩,৫৬৯
২০২৪-০৭-১৪	২৬.২	২৭.০	২৫.৮	০.৬	০.৮৩	৩০,৭৯১
২০২৪-০৭-১১	২৬.৮	২৭.৬	২৬.৩	০.৪	০.৭০	২৫,৯৩৮
২০২৪-০৭-১০	২৬.৪	২৭.২	২৬.০	০.১	০.৪১	১৫,২২৭
২০২৪-০৭-০৯	২৬.৫	২৭.৩	২৬.১	০.৭	০.৯৪	৩৪,৬৮২
২০২৪-০৭-০৮	২৫.৮	২৬.৬	২৫.৪	০.৪	০.৫৭	২১,০৪৫
২০২৪-০৭-০৭	২৬.২	২৭.০	২৫.৮	০.২	০.৪৮	১৭,৮৯৩
২০২৪-০৭-০৪	২৬.০	২৬.৮	২৫.৬	০.৫	০.৭৯	২৯,১৬৭
২০২৪-০৭-০৩	২৬.৫	২৭.৩	২৬.০	০.৩	০.৬৩	২৩,২১৪
২০২৪-০৭-০২	২৬.২	২৭.০	২৫.৮	০.৬	০.৮৬	৩১,৮৭৫
২০২৪-০৭-০১	২৬.৮	২৭.৬	২৬.৩	০.৪	০.৭৫	২৭,৬৪৯
২০২৪-০৬-৩০	২৬.৪	২৭.২	২৬.০	০.১	০.৪৩	১৬,০৯৪
২০২৪-০৬-২৭	২৬.৫	২৭.৩	২৬.১	০.৮	১.০৫	৩৮,৭২১
২০২৪-০৬-২৬	২৫.৭	২৬.৫	২৫.৩	০.৪	০.৫৬	২০,৭১৮
২০২৪-০৬-২৫	২৬.১	২৬.৯	২৫.৭	০.২	০.৫১	১৮,৬৪৩
২০২৪-০৬-২৪	২৫.৯	২৬.৭	২৫.৫	০.৫	০.৭২	২৬,৫৮৯
২০২৪-০৬-২৩	২৬.৪	২৭.২	২৫.৯	০.৩	০.৬২	২২,৯৩৭
২০২৪-০৬-২০	২৬.১	২৬.৯	২৫.৭	০.৬	০.৮১	৩০,১৫৪
২০২৪-০৬-১৯	২৬.৭	২৭.৫	২৬.২	০.৪	০.৬৯	২৫,৩৮২
২০২৪-০৬-১৮	২৬.৩	২৭.১	২৫.৯	০.১	০.৪০	১৪,৮৫৬
২০২৪-০৬-১৭	২৬.৪	২৭.২	২৬.০	০.৭	০.৯২	৩৩,৯১৭
২০২৪-০৬-১৬	২৫.৭	২৬.৫	২৫.৩	০.৪	০.৫৫	২০,৪৭২
২০২৪-০৬-১৩	২৬.১	২৬.৯	২৫.৭	০.২	০.৪৭	১৭,৫২৯
২০২৪-০৬-১২	২৫.৯	২৬.৭	২৫.৫	০.৫	০.৭৭	২৮,৩৪১
২০২৪-০৬-১১	২৬.৪	২৭.২	২৫.৯	০.৩	০.৬১	২২,৬৮৫
২০২৪-০৬-১০	২৬.১	২৬.৯	২৫.৭	০.৬	০.৮৪	৩১,২৪৬
২০২৪-০৬-০৯	২৬.৭	২৭.৫	২৬.২	০.৪	০.৭৩	২৬,৯৮১
২০২৪-০৬-০৬	২৬.৩	২৭.১	২৫.৯	০.১	০.৪২	১৫,৭৬৪
২০২৪-০৬-০৫	২৬.৪	২৭.২	২৬.০	০.৯	১.০৮	৩৯,৮৫২
২০২৪-০৬-০৪	২৫.৫	২৬.৩	২৫.১	০.৪	০.৫৪	২০,১৩৭
২০২৪-০৬-০৩	২৫.৯	২৬.৭	২৫.৫	০.২	০.৪৯	১৮,২৯৫
২০২৪-০৬-০২	২৫.৭	২৬.৫	২৫.৩	০.৫	০.৭১	২৬,১২৪
২০২৪-০৫-৩০	২৬.২	২৭.০	২৫.৮	০.৩	০.৬০	২২,৪৭৩
২০২৪-০৫-২৯	২৫.৯	২৬.৭	২৫.৫	০.৬	০.৮২	২৯,৮৫১
২০২৪-০৫-২৮	২৬.৫	২৭.৩	২৬.০	০.৪	০.৬৮	২৫,০৭৬
২০২৪-০৫-২৭	২৬.১	২৬.৯	২৫.৭	০.১	০.৩৯	১৪,৫১২
২০২৪-০৫-২৬	২৬.২	২৭.০	২৫.৮	০.৭	০.৯০	৩৩,২৪৮
